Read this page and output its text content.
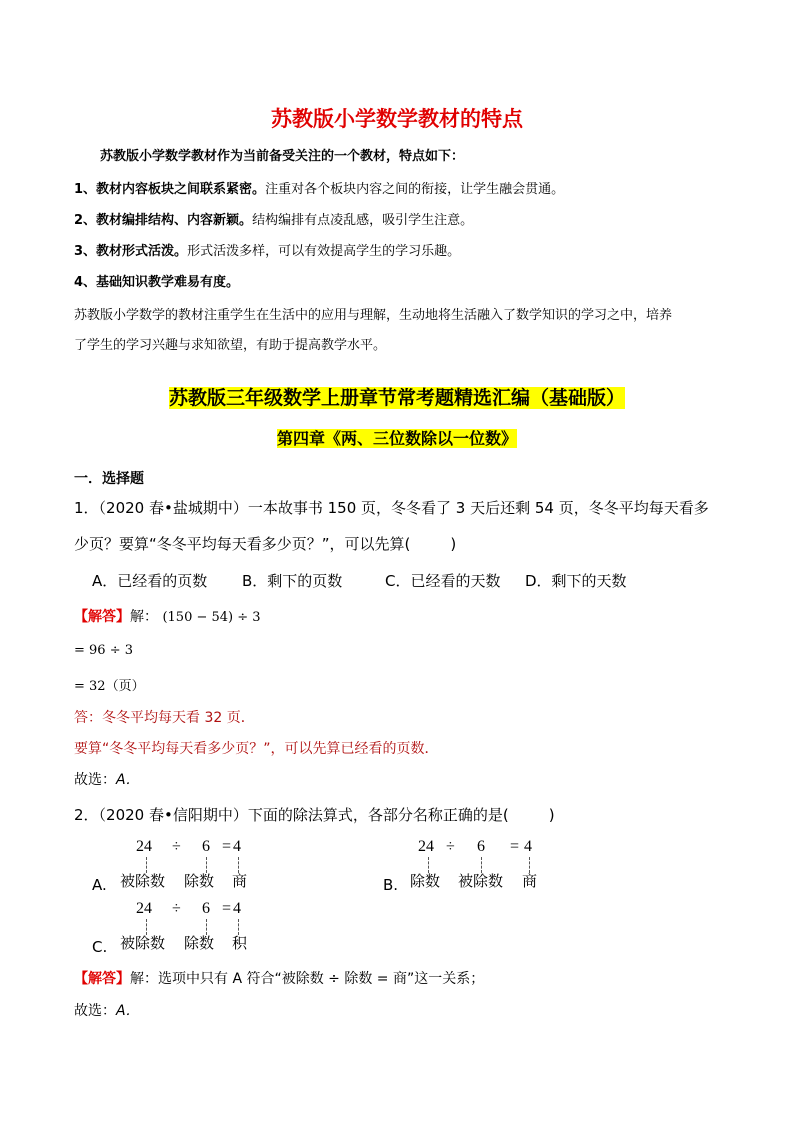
苏教版小学数学教材的特点
苏教版小学数学教材作为当前备受关注的一个教材，特点如下：
1、教材内容板块之间联系紧密。注重对各个板块内容之间的衔接，让学生融会贯通。
2、教材编排结构、内容新颖。结构编排有点凌乱感，吸引学生注意。
3、教材形式活泼。形式活泼多样，可以有效提高学生的学习乐趣。
4、基础知识教学难易有度。
苏教版小学数学的教材注重学生在生活中的应用与理解，生动地将生活融入了数学知识的学习之中，培养
了学生的学习兴趣与求知欲望，有助于提高教学水平。
苏教版三年级数学上册章节常考题精选汇编（基础版）
第四章《两、三位数除以一位数》
一．选择题
1．（2020 春•盐城期中）一本故事书 150 页，冬冬看了 3 天后还剩 54 页，冬冬平均每天看多
少页？要算“冬冬平均每天看多少页？”，可以先算(	)
A．已经看的页数 B．剩下的页数	C．已经看的天数 D．剩下的天数
【解答】解： (150 − 54) ÷ 3
= 96 ÷ 3
= 32（页）
答：冬冬平均每天看 32 页．
要算“冬冬平均每天看多少页？”，可以先算已经看的页数．
故选：A．
2．（2020 春•信阳期中）下面的除法算式，各部分名称正确的是(	)
24 ÷ 6 = 4
被除数 除数 商
A.
24 ÷ 6 = 4
除数 被除数 商
B.
24 ÷ 6 = 4
被除数 除数 积
C.
【解答】解：选项中只有 A 符合“被除数 ÷ 除数 = 商”这一关系；
故选：A．
